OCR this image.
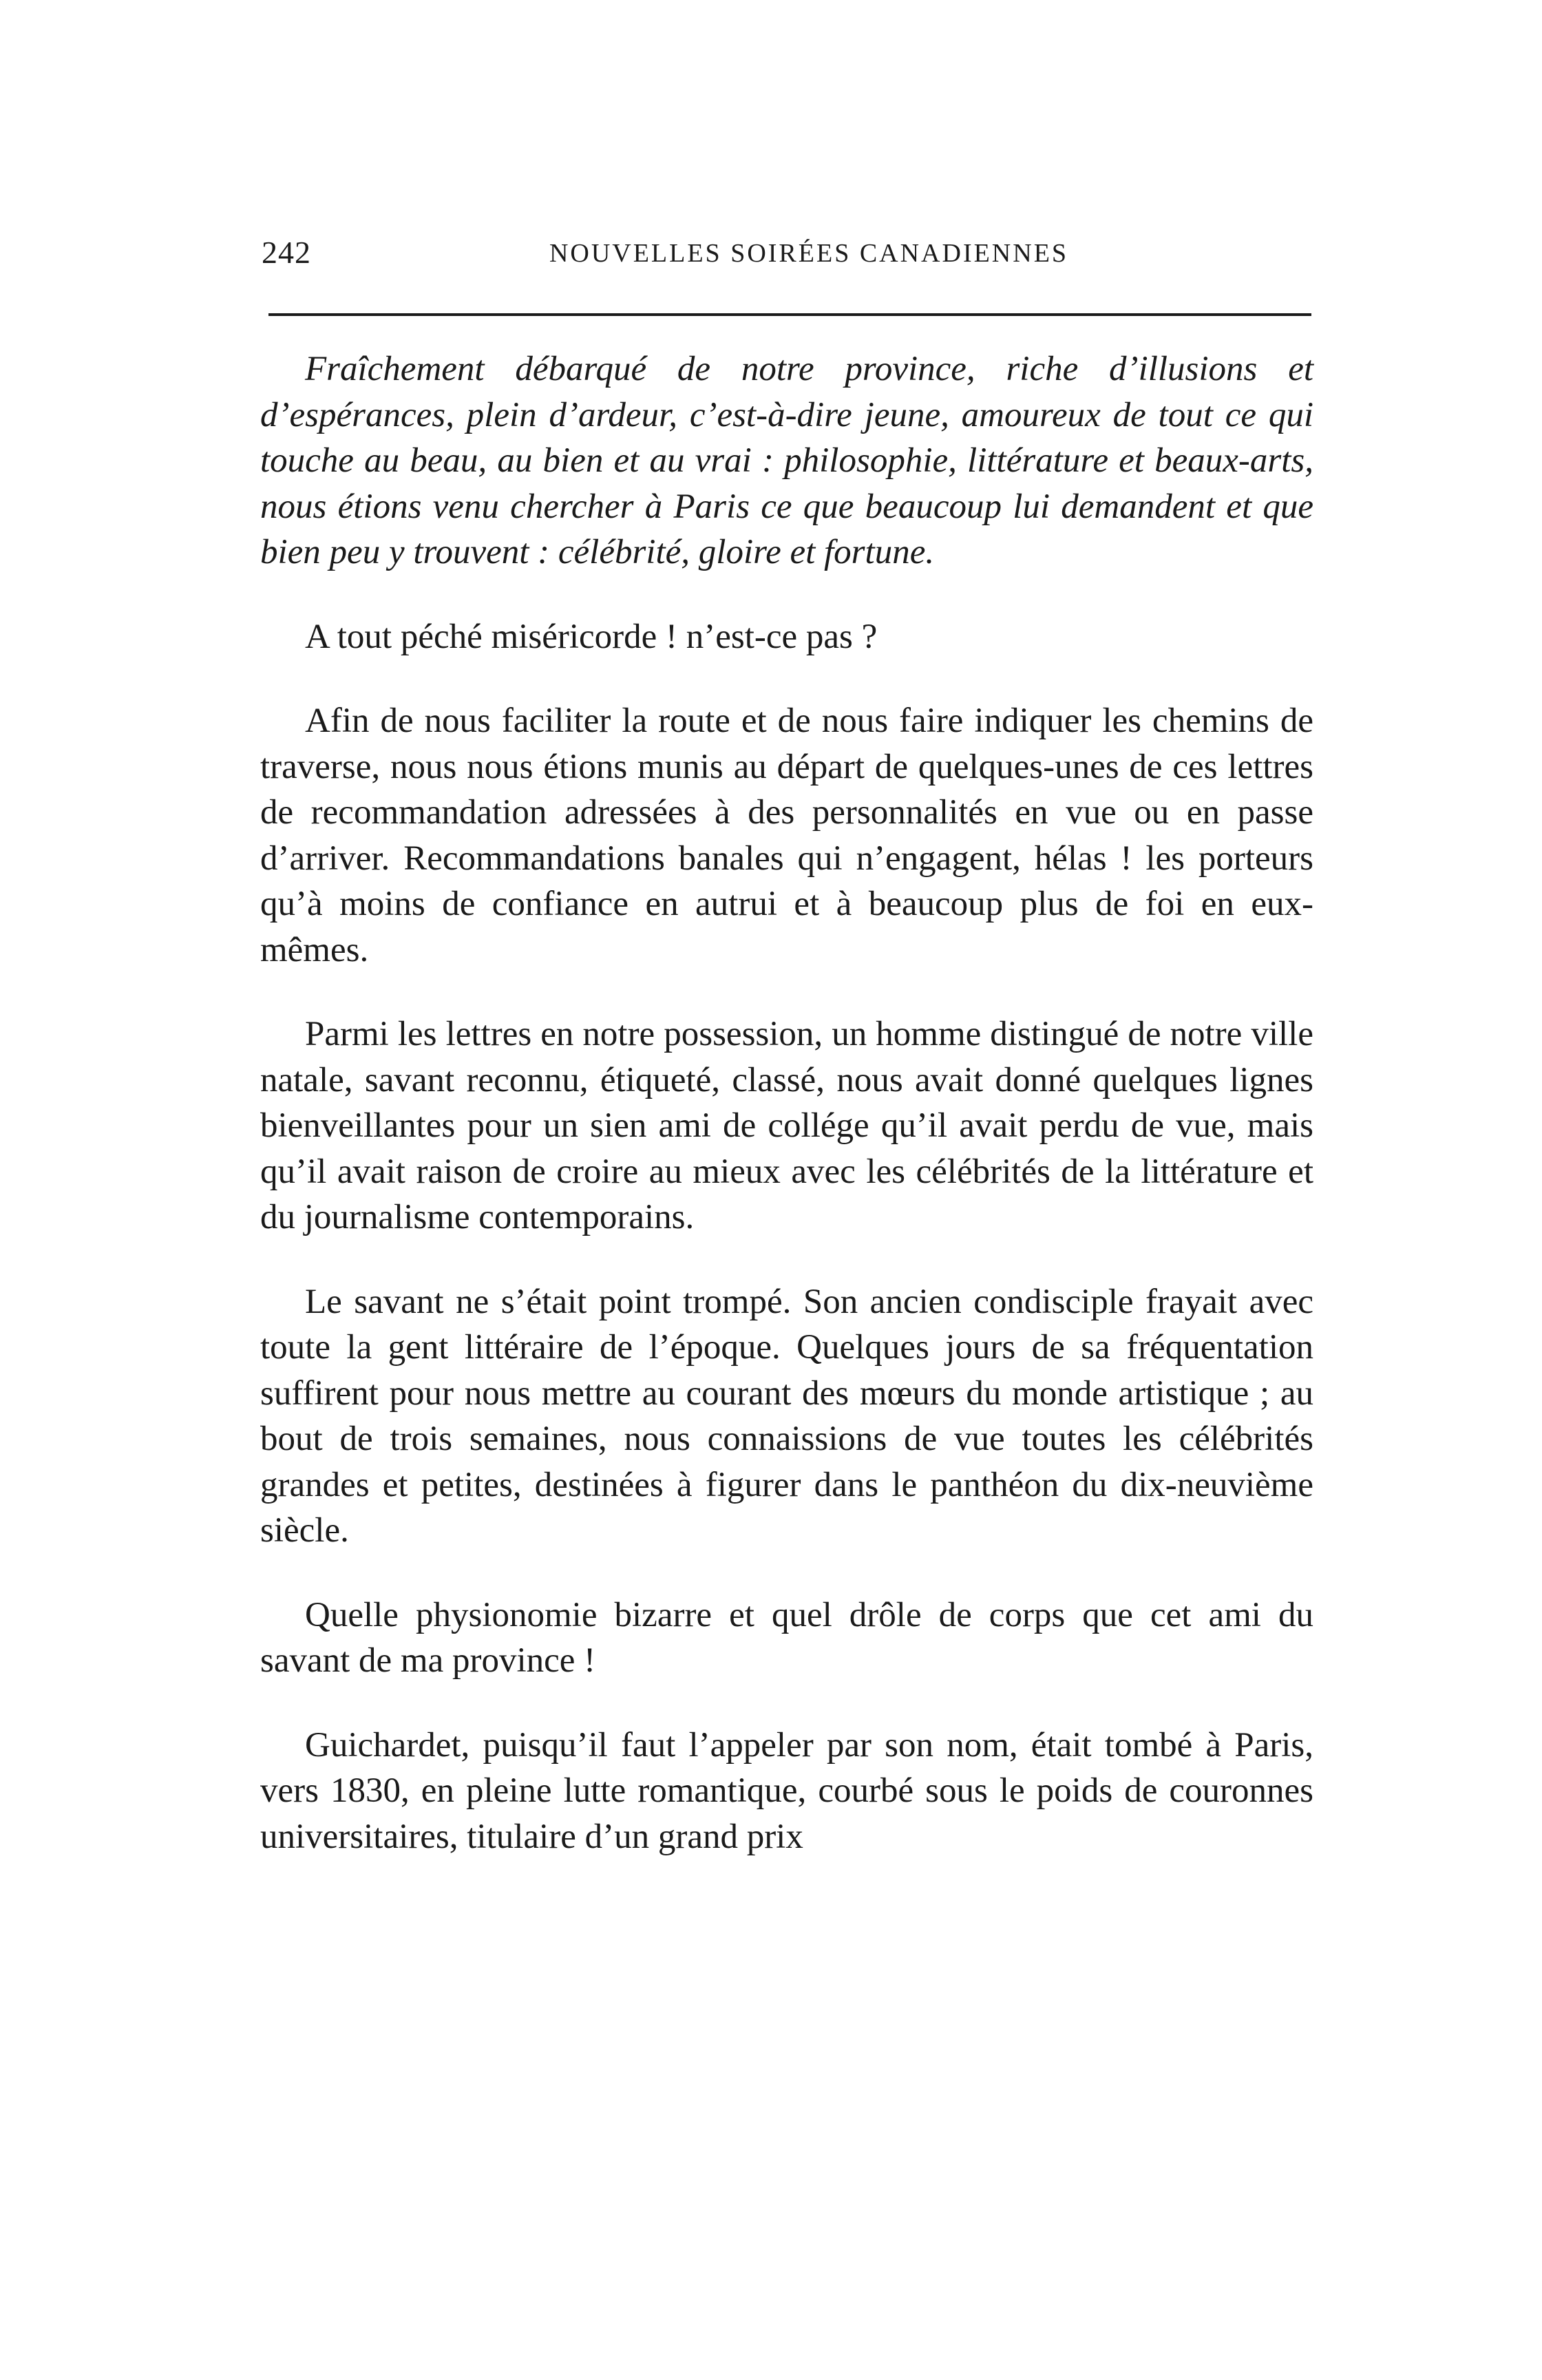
242	NOUVELLES SOIRÉES CANADIENNES

Fraîchement débarqué de notre province, riche d’illusions et d’espérances, plein d’ardeur, c’est-à-dire jeune, amoureux de tout ce qui touche au beau, au bien et au vrai : philosophie, littérature et beaux-arts, nous étions venu chercher à Paris ce que beaucoup lui demandent et que bien peu y trouvent : célébrité, gloire et fortune.

A tout péché miséricorde ! n’est-ce pas ?

Afin de nous faciliter la route et de nous faire indiquer les chemins de traverse, nous nous étions munis au départ de quelques-unes de ces lettres de recommandation adressées à des personnalités en vue ou en passe d’arriver. Recommandations banales qui n’engagent, hélas ! les porteurs qu’à moins de confiance en autrui et à beaucoup plus de foi en eux-mêmes.

Parmi les lettres en notre possession, un homme distingué de notre ville natale, savant reconnu, étiqueté, classé, nous avait donné quelques lignes bienveillantes pour un sien ami de collége qu’il avait perdu de vue, mais qu’il avait raison de croire au mieux avec les célébrités de la littérature et du journalisme contemporains.

Le savant ne s’était point trompé. Son ancien condisciple frayait avec toute la gent littéraire de l’époque. Quelques jours de sa fréquentation suffirent pour nous mettre au courant des mœurs du monde artistique ; au bout de trois semaines, nous connaissions de vue toutes les célébrités grandes et petites, destinées à figurer dans le panthéon du dix-neuvième siècle.

Quelle physionomie bizarre et quel drôle de corps que cet ami du savant de ma province !

Guichardet, puisqu’il faut l’appeler par son nom, était tombé à Paris, vers 1830, en pleine lutte romantique, courbé sous le poids de couronnes universitaires, titulaire d’un grand prix
